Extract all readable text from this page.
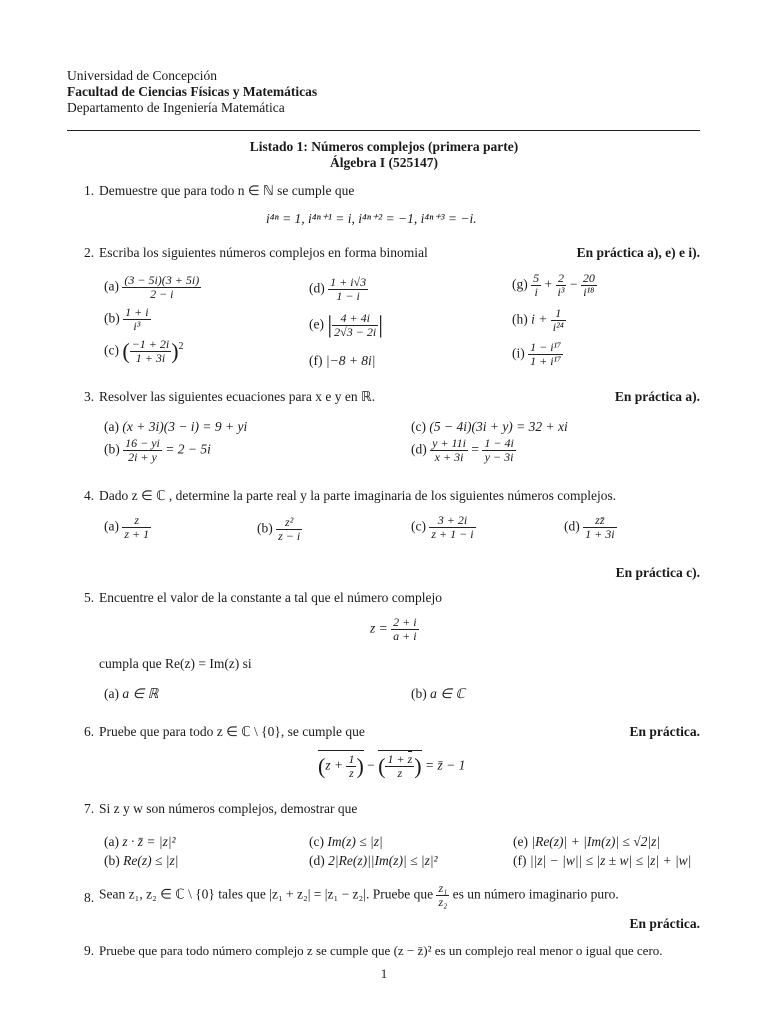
Universidad de Concepción
Facultad de Ciencias Físicas y Matemáticas
Departamento de Ingeniería Matemática
Listado 1: Números complejos (primera parte)
Álgebra I (525147)
1. Demuestre que para todo n ∈ ℕ se cumple que
i⁴ⁿ = 1, i⁴ⁿ⁺¹ = i, i⁴ⁿ⁺² = −1, i⁴ⁿ⁺³ = −i.
2. Escriba los siguientes números complejos en forma binomial	En práctica a), e) e i).
$(a) \frac{(3 - 5i)(3 + 5i)}{2 - i}$
$(b) \frac{1 + i}{\text{i³}}$
(c) ( $\frac{-1 + 2i}{1 + 3i} )^2$
$(d) \frac{1 + i√3}{1 - i}$
(e) | $\frac{4 + 4i}{2√3 - 2i}$ |
(f) |−8 + 8i|
$(g) \frac{5}{i} + \frac{2}{\text{i³}} - \frac{20}{\text{i¹⁸}}$
(h) $i + \frac{1}{\text{i²⁴}}$
$(i) \frac{\text{1 − i¹⁷}}{\text{1 + i¹⁷}}$
3. Resolver las siguientes ecuaciones para x e y en ℝ.	En práctica a).
(a) (x + 3i)(3 − i) = 9 + yi
$(b) \frac{16 - yi}{2i + y} = 2 - 5i$
(c) (5 − 4i)(3i + y) = 32 + xi
$(d) \frac{y + 11i}{x + 3i} = \frac{1 - 4i}{y - 3i}$
4. Dado z ∈ ℂ , determine la parte real y la parte imaginaria de los siguientes números complejos.
$(a) \frac{z}{z + 1}$	$(b) \frac{\text{z²}}{z - i}$	$(c) \frac{3 + 2i}{z + 1 - i}$	$(d) \frac{zz̄}{1 + 3i}$
En práctica c).
5. Encuentre el valor de la constante a tal que el número complejo
$z = \frac{2 + i}{a + i}$
cumpla que Re(z) = Im(z) si
(a) a ∈ ℝ	(b) a ∈ ℂ
6. Pruebe que para todo z ∈ ℂ \ {0}, se cumple que	En práctica.
($z + \frac{1}{z}$ ) − ( $\frac{1 + z}{z}$ ) = z̄ − 1
7. Si z y w son números complejos, demostrar que
(a) z · z̄ = |z|²
(b) Re(z) ≤ |z|
(c) Im(z) ≤ |z|
(d) 2|Re(z)||Im(z)| ≤ |z|²
(e) |Re(z)| + |Im(z)| ≤ √2|z|
(f) ||z| − |w|| ≤ |z ± w| ≤ |z| + |w|
8. Sean z₁, z₂ ∈ ℂ \ {0} tales que |z₁ + z₂| = |z₁ − z₂|. Pruebe que $\frac{\text{z₁}}{\text{z₂}}$ es un número imaginario puro.
En práctica.
9. Pruebe que para todo número complejo z se cumple que (z − z̄)² es un complejo real menor o igual que cero.
1
